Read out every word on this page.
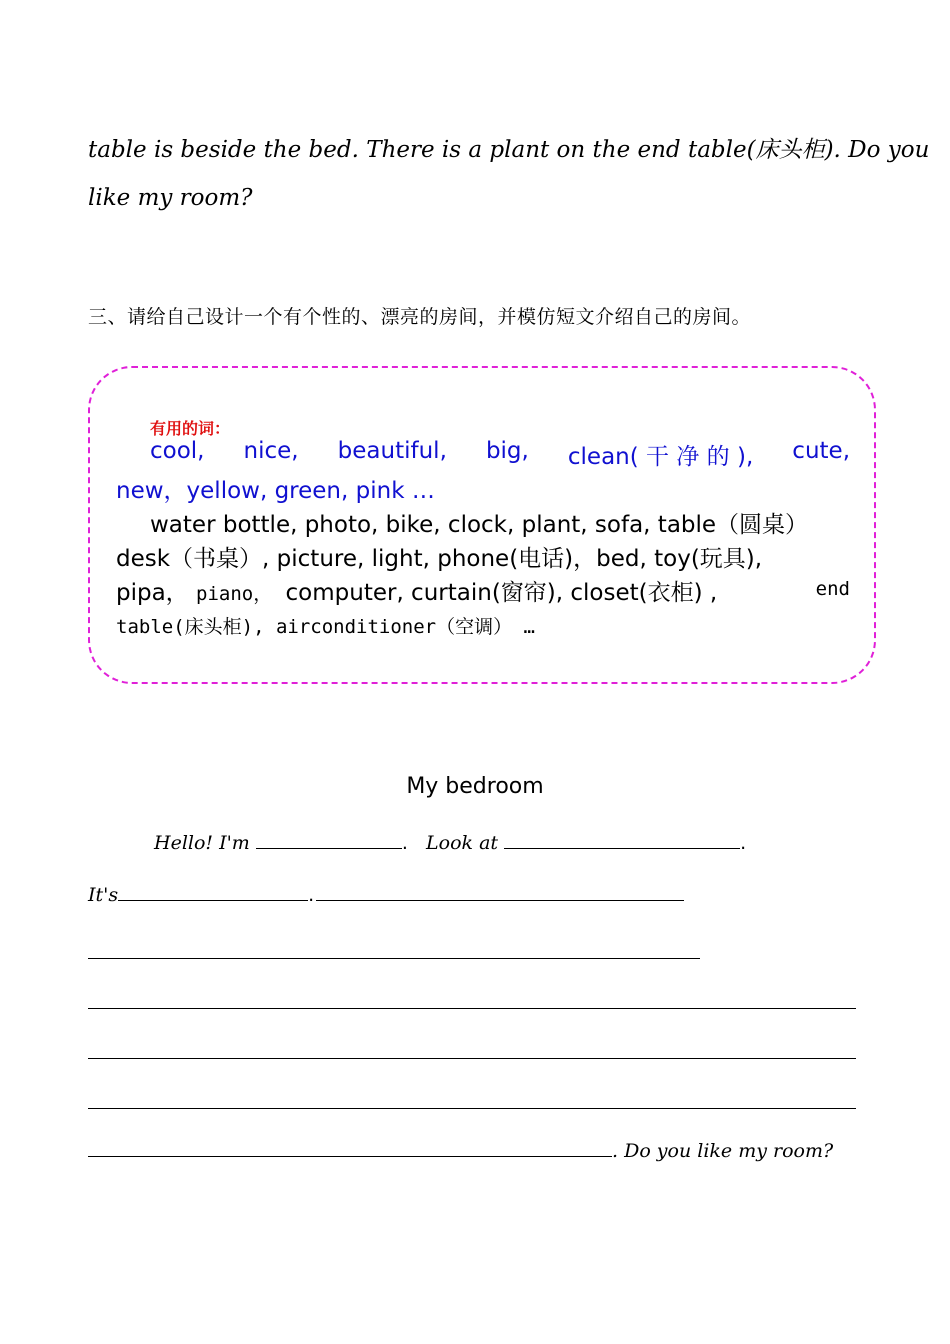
table is beside the bed. There is a plant on the end table(床头柜). Do you
like my room?
三、请给自己设计一个有个性的、漂亮的房间，并模仿短文介绍自己的房间。
有用的词：
cool, nice, beautiful, big, clean( 干 净 的 ), cute,
new，yellow, green, pink …
water bottle, photo, bike, clock, plant, sofa, table（圆桌）
desk（书桌）, picture, light, phone(电话)，bed, toy(玩具),
pipa， piano， computer, curtain(窗帘), closet(衣柜) ,	end
table(床头柜), airconditioner（空调） …
My bedroom
Hello! I'm	.   Look at	.
It's	.
. Do you like my room?
